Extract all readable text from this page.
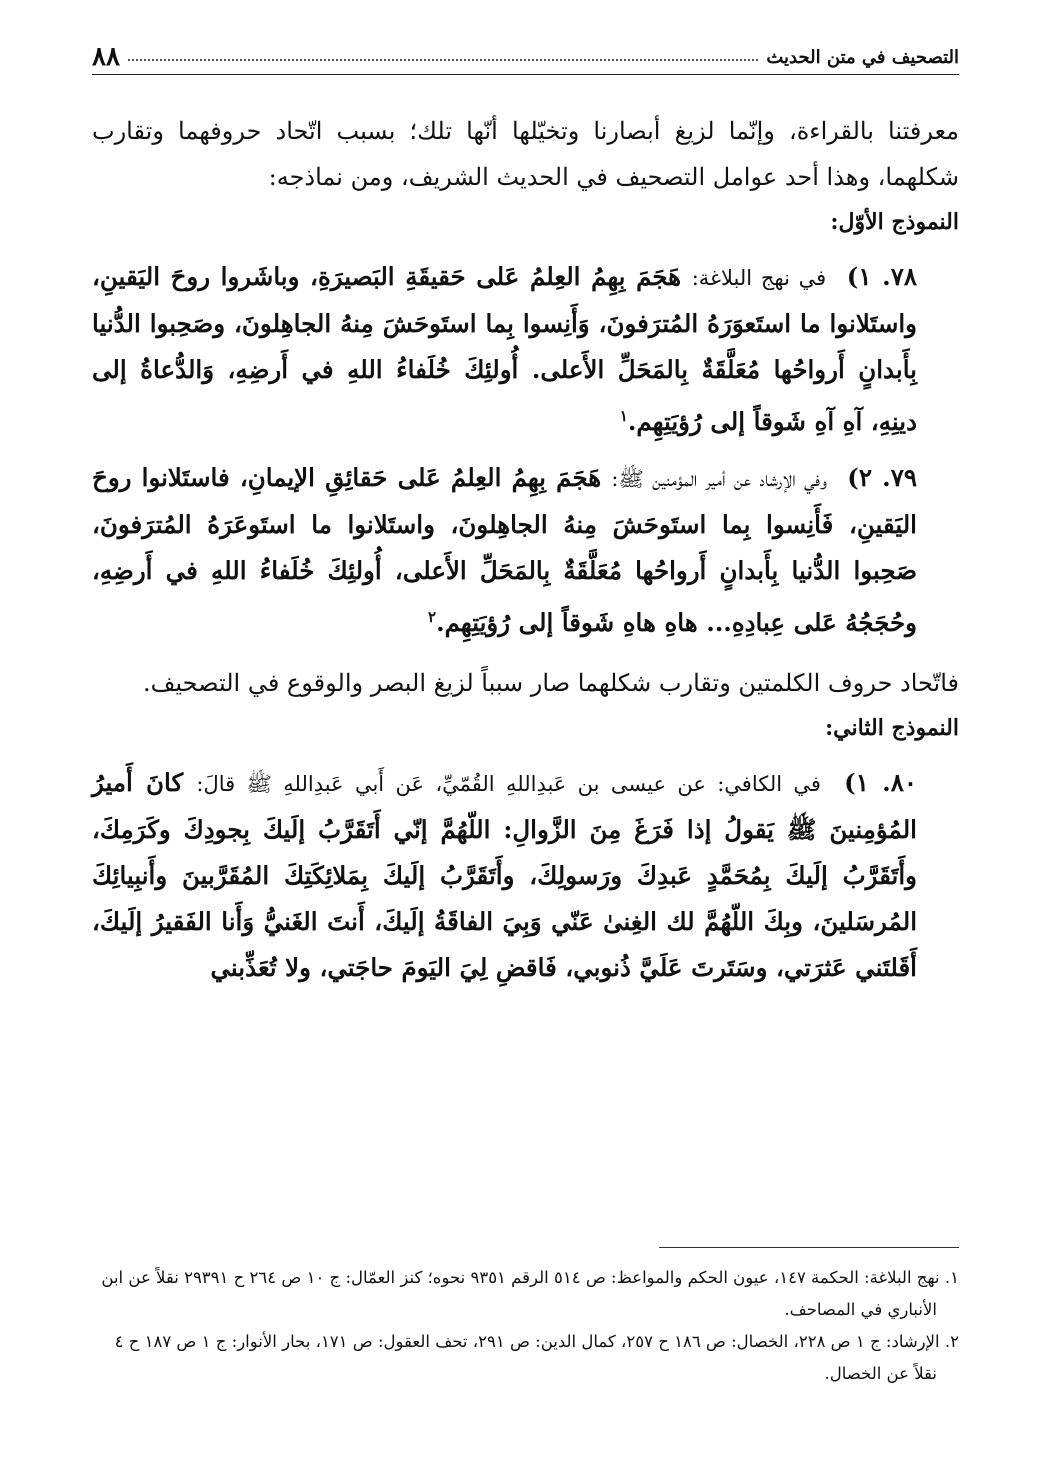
التصحيف في متن الحديث
٨٨

معرفتنا بالقراءة، وإنّما لزيغ أبصارنا وتخيّلها أنّها تلك؛ بسبب اتّحاد حروفهما وتقارب شكلهما، وهذا أحد عوامل التصحيف في الحديث الشريف، ومن نماذجه:

النموذج الأوّل:

٧٨. ١) في نهج البلاغة: هَجَمَ بِهِمُ العِلمُ عَلى حَقيقَةِ البَصيرَةِ، وباشَروا روحَ اليَقينِ، واستَلانوا ما استَعوَرَهُ المُترَفونَ، وَأَنِسوا بِما استَوحَشَ مِنهُ الجاهِلونَ، وصَحِبوا الدُّنيا بِأَبدانٍ أَرواحُها مُعَلَّقَةٌ بِالمَحَلِّ الأَعلى. أُولئِكَ خُلَفاءُ اللهِ في أَرضِهِ، وَالدُّعاةُ إلى دينِهِ، آهِ آهِ شَوقاً إلى رُؤيَتِهِم.$^١$

٧٩. ٢) وفي الإرشاد عن أمير المؤمنين ﷺ: هَجَمَ بِهِمُ العِلمُ عَلى حَقائِقِ الإيمانِ، فاستَلانوا روحَ اليَقينِ، فَأَنِسوا بِما استَوحَشَ مِنهُ الجاهِلونَ، واستَلانوا ما استَوعَرَهُ المُترَفونَ، صَحِبوا الدُّنيا بِأَبدانٍ أَرواحُها مُعَلَّقَةٌ بِالمَحَلِّ الأَعلى، أُولئِكَ خُلَفاءُ اللهِ في أَرضِهِ، وحُجَجُهُ عَلى عِبادِهِ... هاهِ هاهِ شَوقاً إلى رُؤيَتِهِم.$^٢$

فاتّحاد حروف الكلمتين وتقارب شكلهما صار سبباً لزيغ البصر والوقوع في التصحيف.

النموذج الثاني:

٨٠. ١) في الكافي: عن عيسى بن عَبدِاللهِ القُمّيِّ، عَن أَبي عَبدِاللهِ ﷺ قالَ: كانَ أَميرُ المُؤمِنينَ ﷺ يَقولُ إذا فَرَغَ مِنَ الزَّوالِ: اللّهُمَّ إنّي أَتَقَرَّبُ إلَيكَ بِجودِكَ وكَرَمِكَ، وأَتَقَرَّبُ إلَيكَ بِمُحَمَّدٍ عَبدِكَ ورَسولِكَ، وأَتَقَرَّبُ إلَيكَ بِمَلائِكَتِكَ المُقَرَّبينَ وأَنبِيائِكَ المُرسَلينَ، وبِكَ اللّهُمَّ لك الغِنىٰ عَنّي وَبِيَ الفاقَةُ إلَيكَ، أَنتَ الغَنيُّ وَأَنا الفَقيرُ إلَيكَ، أَقَلتَني عَثرَتي، وسَتَرتَ عَلَيَّ ذُنوبي، فَاقضِ لِيَ اليَومَ حاجَتي، ولا تُعَذِّبني

١. نهج البلاغة: الحكمة ١٤٧، عيون الحكم والمواعظ: ص ٥١٤ الرقم ٩٣٥١ نحوه؛ كنز العمّال: ج ١٠ ص ٢٦٤ ح ٢٩٣٩١ نقلاً عن ابن الأنباري في المصاحف.

٢. الإرشاد: ج ١ ص ٢٢٨، الخصال: ص ١٨٦ ح ٢٥٧، كمال الدين: ص ٢٩١، تحف العقول: ص ١٧١، بحار الأنوار: ج ١ ص ١٨٧ ح ٤ نقلاً عن الخصال.
